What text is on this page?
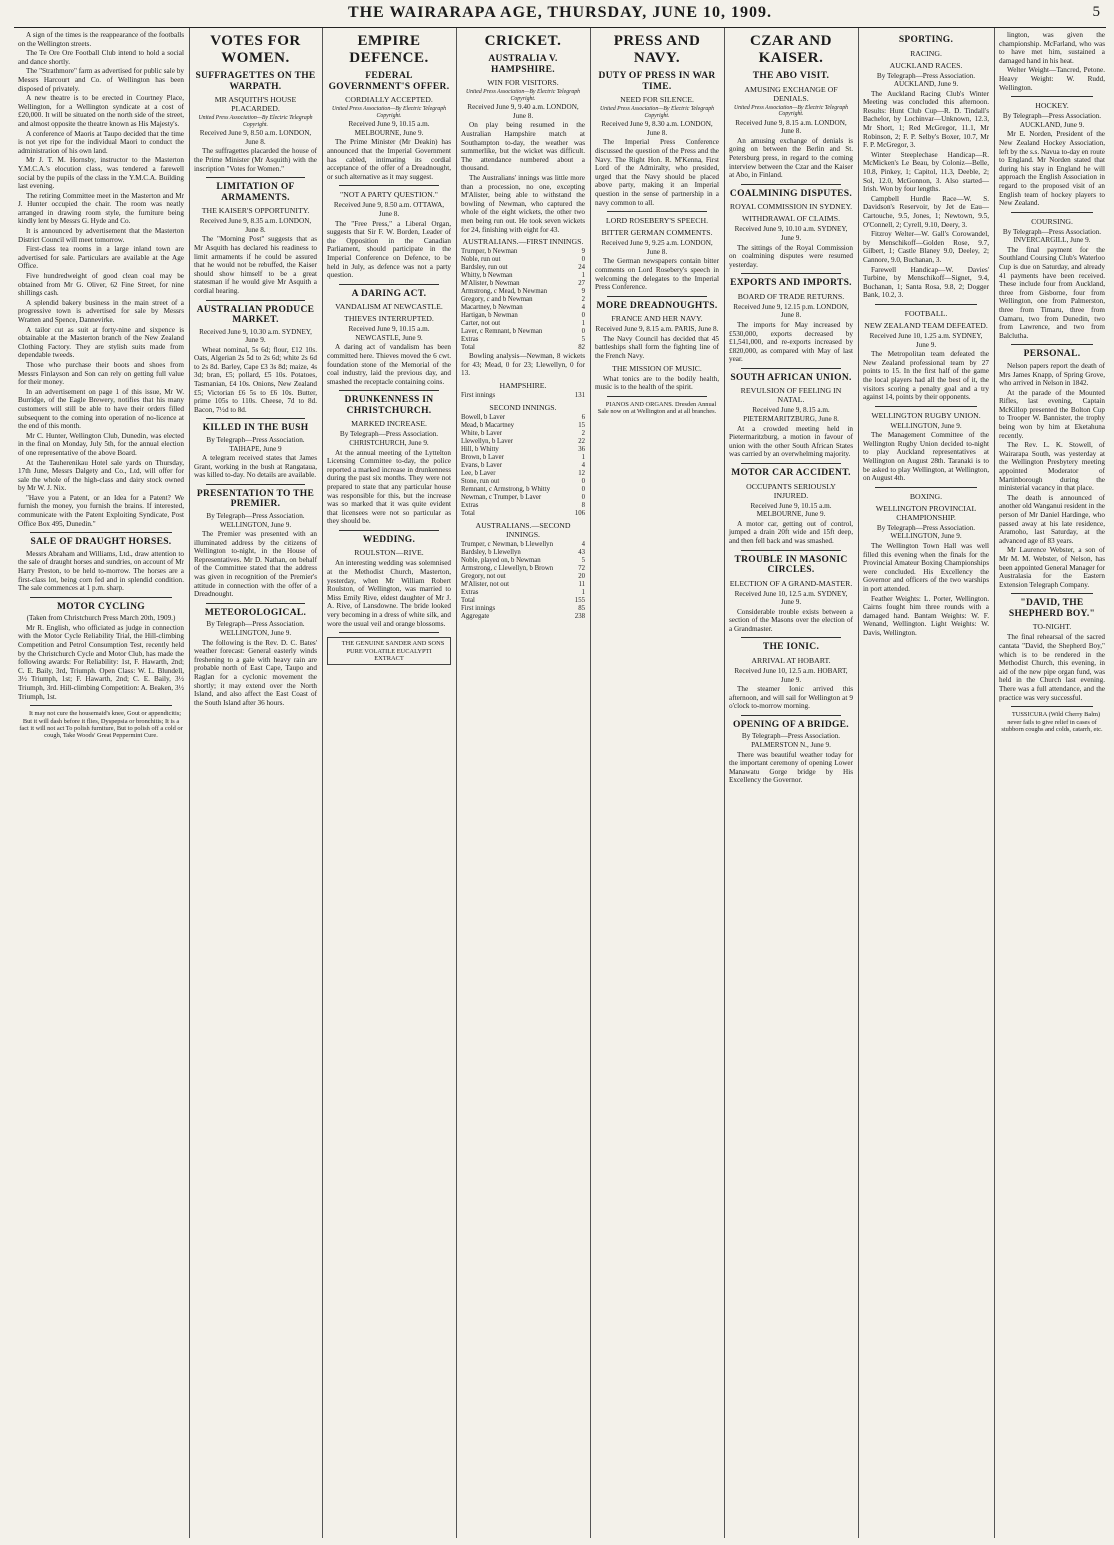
THE WAIRARAPA AGE, THURSDAY, JUNE 10, 1909.	5

A sign of the times is the reappearance of the footballs on the Wellington streets.

The Te Ore Ore Football Club intend to hold a social and dance shortly.

The "Strathmore" farm as advertised for public sale by Messrs Harcourt and Co. of Wellington has been disposed of privately.

A new theatre is to be erected in Courtney Place, Wellington, for a Wellington syndicate at a cost of £20,000. It will be situated on the north side of the street, and almost opposite the theatre known as His Majesty's.

A conference of Maoris at Taupo decided that the time is not yet ripe for the individual Maori to conduct the administration of his own land.

Mr J. T. M. Hornsby, instructor to the Masterton Y.M.C.A.'s elocution class, was tendered a farewell social by the pupils of the class in the Y.M.C.A. Building last evening.

The retiring Committee meet in the Masterton and Mr J. Hunter occupied the chair. The room was neatly arranged in drawing room style, the furniture being kindly lent by Messrs G. Hyde and Co.

It is announced by advertisement that the Masterton District Council will meet tomorrow.

First-class tea rooms in a large inland town are advertised for sale. Particulars are available at the Age Office.

Five hundredweight of good clean coal may be obtained from Mr G. Oliver, 62 Fine Street, for nine shillings cash.

A splendid bakery business in the main street of a progressive town is advertised for sale by Messrs Wratten and Spence, Dannevirke.

A tailor cut as suit at forty-nine and sixpence is obtainable at the Masterton branch of the New Zealand Clothing Factory. They are stylish suits made from dependable tweeds.

Those who purchase their boots and shoes from Messrs Finlayson and Son can rely on getting full value for their money.

In an advertisement on page 1 of this issue, Mr W. Burridge, of the Eagle Brewery, notifies that his many customers will still be able to have their orders filled subsequent to the coming into operation of no-licence at the end of this month.

Mr C. Hunter, Wellington Club, Dunedin, was elected in the final on Monday, July 5th, for the annual election of one representative of the above Board.

At the Tauherenikau Hotel sale yards on Thursday, 17th June, Messrs Dalgety and Co., Ltd, will offer for sale the whole of the high-class and dairy stock owned by Mr W. J. Nix.

"Have you a Patent, or an Idea for a Patent? We furnish the money, you furnish the brains. If interested, communicate with the Patent Exploiting Syndicate, Post Office Box 495, Dunedin."

SALE OF DRAUGHT HORSES.

Messrs Abraham and Williams, Ltd., draw attention to the sale of draught horses and sundries, on account of Mr Harry Preston, to be held to-morrow. The horses are a first-class lot, being corn fed and in splendid condition. The sale commences at 1 p.m. sharp.

MOTOR CYCLING
(Taken from Christchurch Press March 20th, 1909.)

Mr R. English, who officiated as judge in connection with the Motor Cycle Reliability Trial, the Hill-climbing Competition and Petrol Consumption Test, recently held by the Christchurch Cycle and Motor Club, has made the following awards: For Reliability: 1st, F. Hawarth, 2nd; C. E. Baily, 3rd, Triumph. Open Class: W. L. Blundell, 3½ Triumph, 1st; F. Hawarth, 2nd; C. E. Baily, 3½ Triumph, 3rd. Hill-climbing Competition: A. Beaken, 3½ Triumph, 1st.

It may not cure the housemaid's knee, Gout or appendicitis; But it will dash before it flies, Dyspepsia or bronchitis; It is a fact it will not act To polish furniture, But to polish off a cold or cough, Take Woods' Great Peppermint Cure.

VOTES FOR WOMEN.
SUFFRAGETTES ON THE WARPATH.
MR ASQUITH'S HOUSE PLACARDED.
United Press Association—By Electric Telegraph Copyright.
Received June 9, 8.50 a.m. LONDON, June 8.

The suffragettes placarded the house of the Prime Minister (Mr Asquith) with the inscription "Votes for Women."

LIMITATION OF ARMAMENTS.
THE KAISER'S OPPORTUNITY.
Received June 9, 8.35 a.m. LONDON, June 8.

The "Morning Post" suggests that as Mr Asquith has declared his readiness to limit armaments if he could be assured that he would not be rebuffed, the Kaiser should show himself to be a great statesman if he would give Mr Asquith a cordial hearing.

AUSTRALIAN PRODUCE MARKET.
Received June 9, 10.30 a.m. SYDNEY, June 9.

Wheat nominal, 5s 6d; flour, £12 10s. Oats, Algerian 2s 5d to 2s 6d; white 2s 6d to 2s 8d. Barley, Cape £3 3s 8d; maize, 4s 3d; bran, £5; pollard, £5 10s. Potatoes, Tasmanian, £4 10s. Onions, New Zealand £5; Victorian £6 5s to £6 10s. Butter, prime 105s to 110s. Cheese, 7d to 8d. Bacon, 7½d to 8d.

KILLED IN THE BUSH
By Telegraph—Press Association. TAIHAPE, June 9

A telegram received states that James Grant, working in the bush at Rangataua, was killed to-day. No details are available.

PRESENTATION TO THE PREMIER.
By Telegraph—Press Association. WELLINGTON, June 9.

The Premier was presented with an illuminated address by the citizens of Wellington to-night, in the House of Representatives. Mr D. Nathan, on behalf of the Committee stated that the address was given in recognition of the Premier's attitude in connection with the offer of a Dreadnought.

METEOROLOGICAL.
By Telegraph—Press Association. WELLINGTON, June 9.

The following is the Rev. D. C. Bates' weather forecast: General easterly winds freshening to a gale with heavy rain are probable north of East Cape, Taupo and Raglan for a cyclonic movement the shortly; it may extend over the North Island, and also affect the East Coast of the South Island after 36 hours.

EMPIRE DEFENCE.
FEDERAL GOVERNMENT'S OFFER.
CORDIALLY ACCEPTED.
United Press Association—By Electric Telegraph Copyright.
Received June 9, 10.15 a.m. MELBOURNE, June 9.

The Prime Minister (Mr Deakin) has announced that the Imperial Government has cabled, intimating its cordial acceptance of the offer of a Dreadnought, or such alternative as it may suggest.

"NOT A PARTY QUESTION."
Received June 9, 8.50 a.m. OTTAWA, June 8.

The "Free Press," a Liberal Organ, suggests that Sir F. W. Borden, Leader of the Opposition in the Canadian Parliament, should participate in the Imperial Conference on Defence, to be held in July, as defence was not a party question.

A DARING ACT.
VANDALISM AT NEWCASTLE.
THIEVES INTERRUPTED.
Received June 9, 10.15 a.m. NEWCASTLE, June 9.

A daring act of vandalism has been committed here. Thieves moved the 6 cwt. foundation stone of the Memorial of the coal industry, laid the previous day, and smashed the receptacle containing coins.

DRUNKENNESS IN CHRISTCHURCH.
MARKED INCREASE.
By Telegraph—Press Association. CHRISTCHURCH, June 9.

At the annual meeting of the Lyttelton Licensing Committee to-day, the police reported a marked increase in drunkenness during the past six months. They were not prepared to state that any particular house was responsible for this, but the increase was so marked that it was quite evident that licensees were not so particular as they should be.

WEDDING.
ROULSTON—RIVE.

An interesting wedding was solemnised at the Methodist Church, Masterton, yesterday, when Mr William Robert Roulston, of Wellington, was married to Miss Emily Rive, eldest daughter of Mr J. A. Rive, of Lansdowne. The bride looked very becoming in a dress of white silk, and wore the usual veil and orange blossoms.

THE GENUINE SANDER AND SONS PURE VOLATILE EUCALYPTI EXTRACT

CRICKET.
AUSTRALIA V. HAMPSHIRE.
WIN FOR VISITORS.
United Press Association—By Electric Telegraph Copyright.
Received June 9, 9.40 a.m. LONDON, June 8.

On play being resumed in the Australian Hampshire match at Southampton to-day, the weather was summerlike, but the wicket was difficult. The attendance numbered about a thousand.

The Australians' innings was little more than a procession, no one, excepting M'Alister, being able to withstand the bowling of Newman, who captured the whole of the eight wickets, the other two men being run out. He took seven wickets for 24, finishing with eight for 43.

AUSTRALIANS.—FIRST INNINGS.
Trumper, b Newman	9
Noble, run out	0
Bardsley, run out	24
Whitty, b Newman	1
M'Alister, b Newman	27
Armstrong, c Mead, b Newman	9
Gregory, c and b Newman	2
Macartney, b Newman	4
Hartigan, b Newman	0
Carter, not out	1
Laver, c Remnant, b Newman	0
Extras	5
Total	82

Bowling analysis—Newman, 8 wickets for 43; Mead, 0 for 23; Llewellyn, 0 for 13.

HAMPSHIRE.
First innings	131
SECOND INNINGS.
Bowell, b Laver	6
Mead, b Macartney	15
White, b Laver	2
Llewellyn, b Laver	22
Hill, b Whitty	36
Brown, b Laver	1
Evans, b Laver	4
Lee, b Laver	12
Stone, run out	0
Remnant, c Armstrong, b Whitty	0
Newman, c Trumper, b Laver	0
Extras	8
Total	106
AUSTRALIANS.—SECOND INNINGS.
Trumper, c Newman, b Llewellyn	4
Bardsley, b Llewellyn	43
Noble, played on, b Newman	5
Armstrong, c Llewellyn, b Brown	72
Gregory, not out	20
M'Alister, not out	11
Extras	1
Total	155
First innings	85
Aggregate	238
PRESS AND NAVY.
DUTY OF PRESS IN WAR TIME.
NEED FOR SILENCE.
United Press Association—By Electric Telegraph Copyright.
Received June 9, 8.30 a.m. LONDON, June 8.

The Imperial Press Conference discussed the question of the Press and the Navy. The Right Hon. R. M'Kenna, First Lord of the Admiralty, who presided, urged that the Navy should be placed above party, making it an Imperial question in the sense of partnership in a navy common to all.

LORD ROSEBERY'S SPEECH.
BITTER GERMAN COMMENTS.
Received June 9, 9.25 a.m. LONDON, June 8.

The German newspapers contain bitter comments on Lord Rosebery's speech in welcoming the delegates to the Imperial Press Conference.

MORE DREADNOUGHTS.
FRANCE AND HER NAVY.
Received June 9, 8.15 a.m. PARIS, June 8.

The Navy Council has decided that 45 battleships shall form the fighting line of the French Navy.

THE MISSION OF MUSIC.

What tonics are to the bodily health, music is to the health of the spirit.

PIANOS AND ORGANS. Dresden Annual Sale now on at Wellington and at all branches.

CZAR AND KAISER.
THE ABO VISIT.
AMUSING EXCHANGE OF DENIALS.
United Press Association—By Electric Telegraph Copyright.
Received June 9, 8.15 a.m. LONDON, June 8.

An amusing exchange of denials is going on between the Berlin and St. Petersburg press, in regard to the coming interview between the Czar and the Kaiser at Abo, in Finland.

COALMINING DISPUTES.
ROYAL COMMISSION IN SYDNEY.
WITHDRAWAL OF CLAIMS.
Received June 9, 10.10 a.m. SYDNEY, June 9.

The sittings of the Royal Commission on coalmining disputes were resumed yesterday.

EXPORTS AND IMPORTS.
BOARD OF TRADE RETURNS.
Received June 9, 12.15 p.m. LONDON, June 8.

The imports for May increased by £530,000, exports decreased by £1,541,000, and re-exports increased by £820,000, as compared with May of last year.

SOUTH AFRICAN UNION.
REVULSION OF FEELING IN NATAL.
Received June 9, 8.15 a.m. PIETERMARITZBURG, June 8.

At a crowded meeting held in Pietermaritzburg, a motion in favour of union with the other South African States was carried by an overwhelming majority.

MOTOR CAR ACCIDENT.
OCCUPANTS SERIOUSLY INJURED.
Received June 9, 10.15 a.m. MELBOURNE, June 9.

A motor car, getting out of control, jumped a drain 20ft wide and 15ft deep, and then fell back and was smashed.

TROUBLE IN MASONIC CIRCLES.
ELECTION OF A GRAND-MASTER.
Received June 10, 12.5 a.m. SYDNEY, June 9.

Considerable trouble exists between a section of the Masons over the election of a Grandmaster.

THE IONIC.
ARRIVAL AT HOBART.
Received June 10, 12.5 a.m. HOBART, June 9.

The steamer Ionic arrived this afternoon, and will sail for Wellington at 9 o'clock to-morrow morning.

OPENING OF A BRIDGE.
By Telegraph—Press Association. PALMERSTON N., June 9.

There was beautiful weather today for the important ceremony of opening Lower Manawatu Gorge bridge by His Excellency the Governor.

SPORTING.
RACING.
AUCKLAND RACES.
By Telegraph—Press Association. AUCKLAND, June 9.

The Auckland Racing Club's Winter Meeting was concluded this afternoon. Results: Hunt Club Cup—R. D. Tindall's Bachelor, by Lochinvar—Unknown, 12.3, Mr Short, 1; Red McGregor, 11.1, Mr Robinson, 2; F. P. Selby's Boxer, 10.7, Mr F. P. McGregor, 3.

Winter Steeplechase Handicap—R. McMicken's Le Beau, by Coloniz—Belle, 10.8, Pinkey, 1; Capitol, 11.3, Deeble, 2; Sol, 12.0, McGonnon, 3. Also started—Irish. Won by four lengths.

Campbell Hurdle Race—W. S. Davidson's Reservoir, by Jet de Eau—Cartouche, 9.5, Jones, 1; Newtown, 9.5, O'Connell, 2; Cyrell, 9.10, Deery, 3.

Fitzroy Welter—W. Gall's Corowandel, by Menschikoff—Golden Rose, 9.7, Gilbert, 1; Castle Blaney 9.0, Deeley, 2; Cannore, 9.0, Buchanan, 3.

Farewell Handicap—W. Davies' Turbine, by Menschikoff—Signet, 9.4, Buchanan, 1; Santa Rosa, 9.8, 2; Dogger Bank, 10.2, 3.

FOOTBALL.
NEW ZEALAND TEAM DEFEATED.
Received June 10, 1.25 a.m. SYDNEY, June 9.

The Metropolitan team defeated the New Zealand professional team by 27 points to 15. In the first half of the game the local players had all the best of it, the visitors scoring a penalty goal and a try against 14, points by their opponents.

WELLINGTON RUGBY UNION.
WELLINGTON, June 9.

The Management Committee of the Wellington Rugby Union decided to-night to play Auckland representatives at Wellington on August 28th. Taranaki is to be asked to play Wellington, at Wellington, on August 4th.

BOXING.
WELLINGTON PROVINCIAL CHAMPIONSHIP.
By Telegraph—Press Association. WELLINGTON, June 9.

The Wellington Town Hall was well filled this evening when the finals for the Provincial Amateur Boxing Championships were concluded. His Excellency the Governor and officers of the two warships in port attended.

Feather Weights: L. Porter, Wellington. Cairns fought him three rounds with a damaged hand. Bantam Weights: W. F. Wenand, Wellington. Light Weights: W. Davis, Wellington.

lington, was given the championship. McFarland, who was to have met him, sustained a damaged hand in his heat.

Welter Weight—Tancred, Petone. Heavy Weight: W. Rudd, Wellington.

HOCKEY.
By Telegraph—Press Association. AUCKLAND, June 9.

Mr E. Norden, President of the New Zealand Hockey Association, left by the s.s. Navua to-day en route to England. Mr Norden stated that during his stay in England he will approach the English Association in regard to the proposed visit of an English team of hockey players to New Zealand.

COURSING.
By Telegraph—Press Association. INVERCARGILL, June 9.

The final payment for the Southland Coursing Club's Waterloo Cup is due on Saturday, and already 41 payments have been received. These include four from Auckland, three from Gisborne, four from Wellington, one from Palmerston, three from Timaru, three from Oamaru, two from Dunedin, two from Lawrence, and two from Balclutha.

PERSONAL.

Nelson papers report the death of Mrs James Knapp, of Spring Grove, who arrived in Nelson in 1842.

At the parade of the Mounted Rifles, last evening, Captain McKillop presented the Bolton Cup to Trooper W. Bannister, the trophy being won by him at Eketahuna recently.

The Rev. L. K. Stowell, of Wairarapa South, was yesterday at the Wellington Presbytery meeting appointed Moderator of Martinborough during the ministerial vacancy in that place.

The death is announced of another old Wanganui resident in the person of Mr Daniel Hardinge, who passed away at his late residence, Aramoho, last Saturday, at the advanced age of 83 years.

Mr Laurence Webster, a son of Mr M. M. Webster, of Nelson, has been appointed General Manager for Australasia for the Eastern Extension Telegraph Company.

"DAVID, THE SHEPHERD BOY."
TO-NIGHT.

The final rehearsal of the sacred cantata "David, the Shepherd Boy," which is to be rendered in the Methodist Church, this evening, in aid of the new pipe organ fund, was held in the Church last evening. There was a full attendance, and the practice was very successful.

TUSSICURA (Wild Cherry Balm) never fails to give relief in cases of stubborn coughs and colds, catarrh, etc.
